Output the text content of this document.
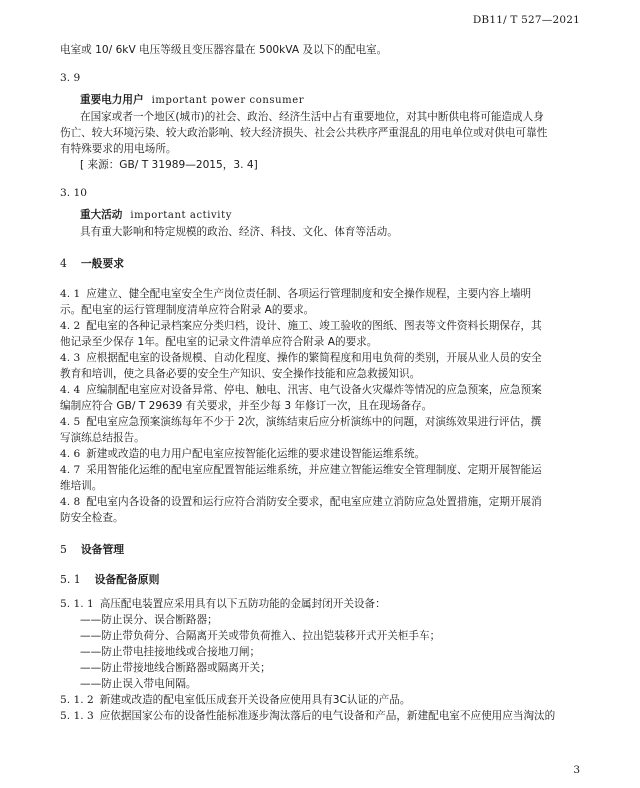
DB11/ T 527—2021

电室或 10/ 6kV 电压等级且变压器容量在 500kVA 及以下的配电室。

3. 9

重要电力用户 important power consumer

在国家或者一个地区(城市)的社会、政治、经济生活中占有重要地位，对其中断供电将可能造成人身

伤亡、较大环境污染、较大政治影响、较大经济损失、社会公共秩序严重混乱的用电单位或对供电可靠性

有特殊要求的用电场所。

[ 来源：GB/ T 31989—2015，3. 4]

3. 10

重大活动 important activity

具有重大影响和特定规模的政治、经济、科技、文化、体育等活动。

4 一般要求

4. 1 应建立、健全配电室安全生产岗位责任制、各项运行管理制度和安全操作规程，主要内容上墙明

示。配电室的运行管理制度清单应符合附录 A的要求。

4. 2 配电室的各种记录档案应分类归档，设计、施工、竣工验收的图纸、图表等文件资料长期保存，其

他记录至少保存 1年。配电室的记录文件清单应符合附录 A的要求。

4. 3 应根据配电室的设备规模、自动化程度、操作的繁简程度和用电负荷的类别，开展从业人员的安全

教育和培训，使之具备必要的安全生产知识、安全操作技能和应急救援知识。

4. 4 应编制配电室应对设备异常、停电、触电、汛害、电气设备火灾爆炸等情况的应急预案，应急预案

编制应符合 GB/ T 29639 有关要求，并至少每 3 年修订一次，且在现场备存。

4. 5 配电室应急预案演练每年不少于 2次，演练结束后应分析演练中的问题，对演练效果进行评估，撰

写演练总结报告。

4. 6 新建或改造的电力用户配电室应按智能化运维的要求建设智能运维系统。

4. 7 采用智能化运维的配电室应配置智能运维系统，并应建立智能运维安全管理制度、定期开展智能运

维培训。

4. 8 配电室内各设备的设置和运行应符合消防安全要求，配电室应建立消防应急处置措施，定期开展消

防安全检查。

5 设备管理

5. 1 设备配备原则

5. 1. 1 高压配电装置应采用具有以下五防功能的金属封闭开关设备：

——防止误分、误合断路器；

——防止带负荷分、合隔离开关或带负荷推入、拉出铠装移开式开关柜手车；

——防止带电挂接地线或合接地刀闸；

——防止带接地线合断路器或隔离开关；

——防止误入带电间隔。

5. 1. 2 新建或改造的配电室低压成套开关设备应使用具有3C认证的产品。

5. 1. 3 应依据国家公布的设备性能标准逐步淘汰落后的电气设备和产品，新建配电室不应使用应当淘汰的

3
